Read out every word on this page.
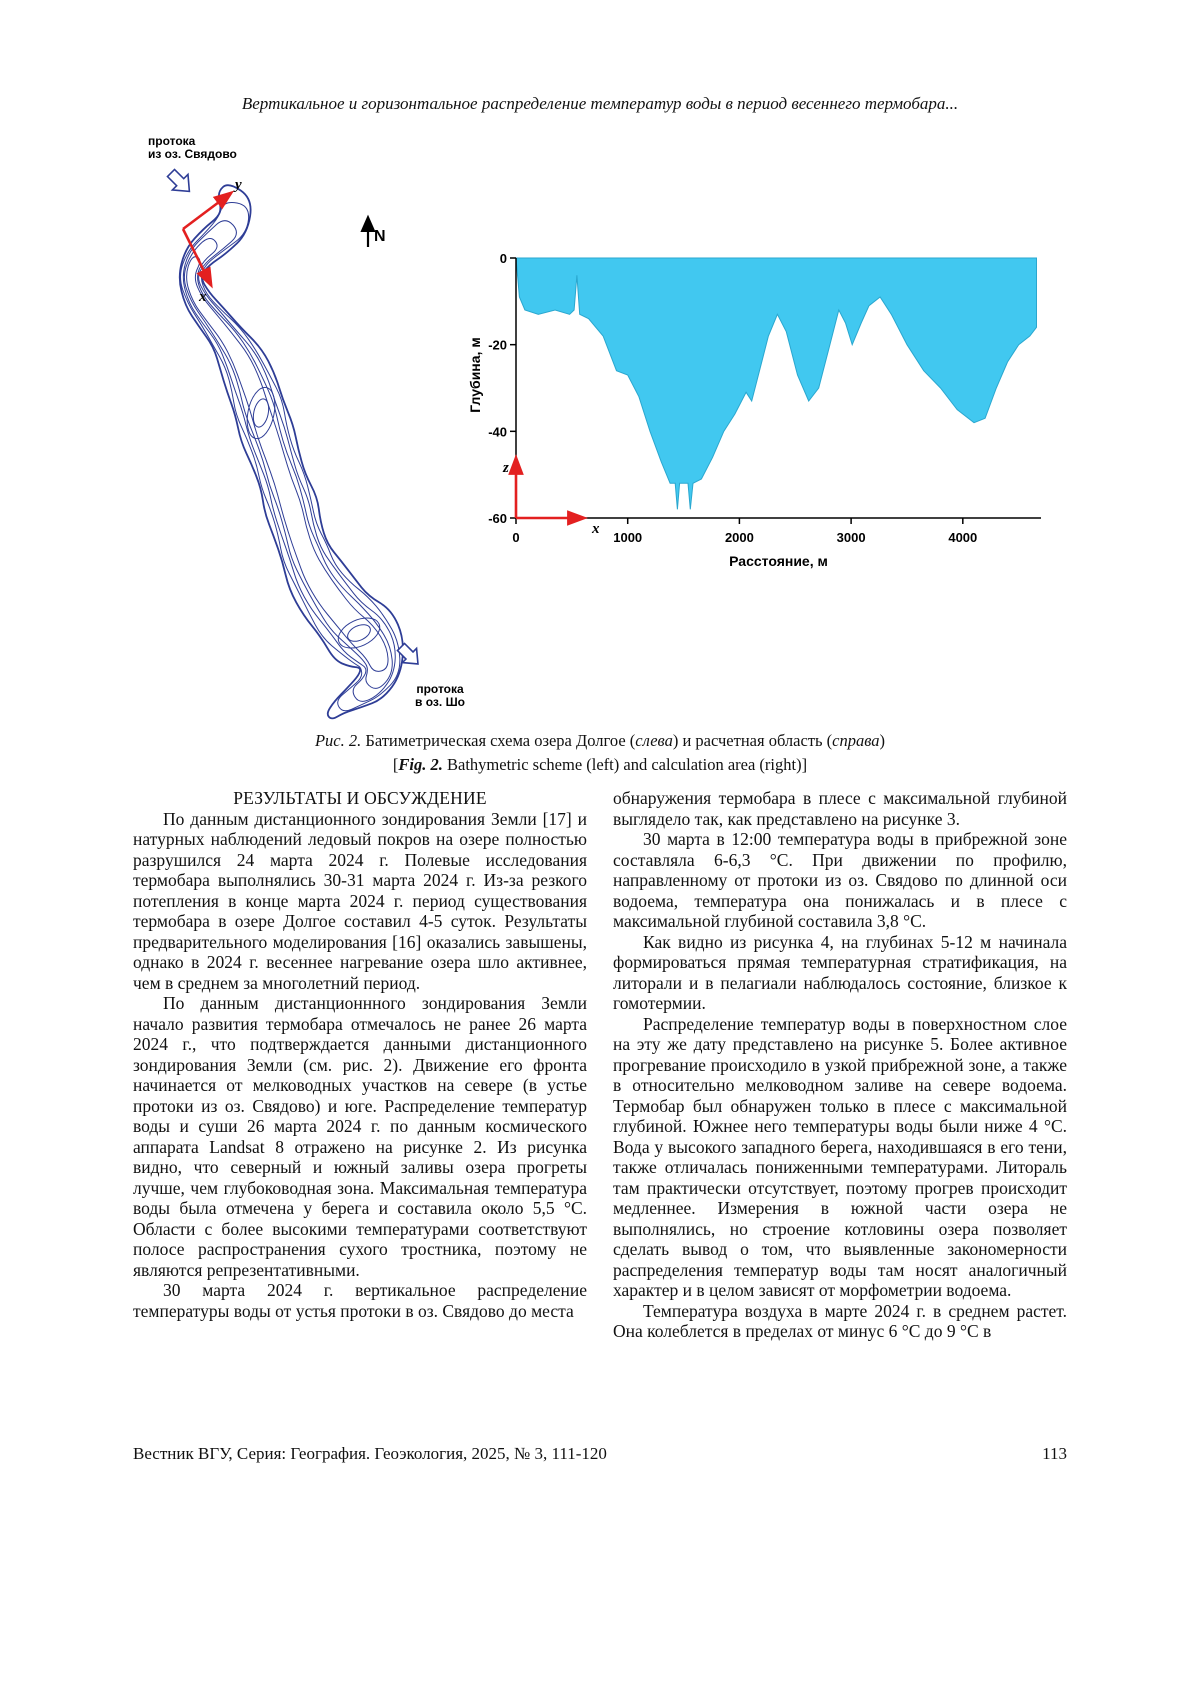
Вертикальное и горизонтальное распределение температур воды в период весеннего термобара...
y
x
N
протока
из оз. Свядово
протока
в оз. Шо
0
-20
-40
-60
0	1000	2000	3000	4000
Расстояние, м
Глубина, м
z
x
Рис. 2. Батиметрическая схема озера Долгое (слева) и расчетная область (справа)
[Fig. 2. Bathymetric scheme (left) and calculation area (right)]
РЕЗУЛЬТАТЫ И ОБСУЖДЕНИЕ

По данным дистанционного зондирования Земли [17] и натурных наблюдений ледовый покров на озере полностью разрушился 24 марта 2024 г. Полевые исследования термобара выполнялись 30-31 марта 2024 г. Из-за резкого потепления в конце марта 2024 г. период существования термобара в озере Долгое составил 4-5 суток. Результаты предварительного моделирования [16] оказались завышены, однако в 2024 г. весеннее нагревание озера шло активнее, чем в среднем за многолетний период.

По данным дистанционнного зондирования Земли начало развития термобара отмечалось не ранее 26 марта 2024 г., что подтверждается данными дистанционного зондирования Земли (см. рис. 2). Движение его фронта начинается от мелководных участков на севере (в устье протоки из оз. Свядово) и юге. Распределение температур воды и суши 26 марта 2024 г. по данным космического аппарата Landsat 8 отражено на рисунке 2. Из рисунка видно, что северный и южный заливы озера прогреты лучше, чем глубоководная зона. Максимальная температура воды была отмечена у берега и составила около 5,5 °С. Области с более высокими температурами соответствуют полосе распространения сухого тростника, поэтому не являются репрезентативными.

30 марта 2024 г. вертикальное распределение температуры воды от устья протоки в оз. Свядово до места

обнаружения термобара в плесе с максимальной глубиной выглядело так, как представлено на рисунке 3.

30 марта в 12:00 температура воды в прибрежной зоне составляла 6-6,3 °С. При движении по профилю, направленному от протоки из оз. Свядово по длинной оси водоема, температура она понижалась и в плесе с максимальной глубиной составила 3,8 °С.

Как видно из рисунка 4, на глубинах 5-12 м начинала формироваться прямая температурная стратификация, на литорали и в пелагиали наблюдалось состояние, близкое к гомотермии.

Распределение температур воды в поверхностном слое на эту же дату представлено на рисунке 5. Более активное прогревание происходило в узкой прибрежной зоне, а также в относительно мелководном заливе на севере водоема. Термобар был обнаружен только в плесе с максимальной глубиной. Южнее него температуры воды были ниже 4 °С. Вода у высокого западного берега, находившаяся в его тени, также отличалась пониженными температурами. Литораль там практически отсутствует, поэтому прогрев происходит медленнее. Измерения в южной части озера не выполнялись, но строение котловины озера позволяет сделать вывод о том, что выявленные закономерности распределения температур воды там носят аналогичный характер и в целом зависят от морфометрии водоема.

Температура воздуха в марте 2024 г. в среднем растет. Она колеблется в пределах от минус 6 °С до 9 °С в

Вестник ВГУ, Серия: География. Геоэкология, 2025, № 3, 111-120	113
